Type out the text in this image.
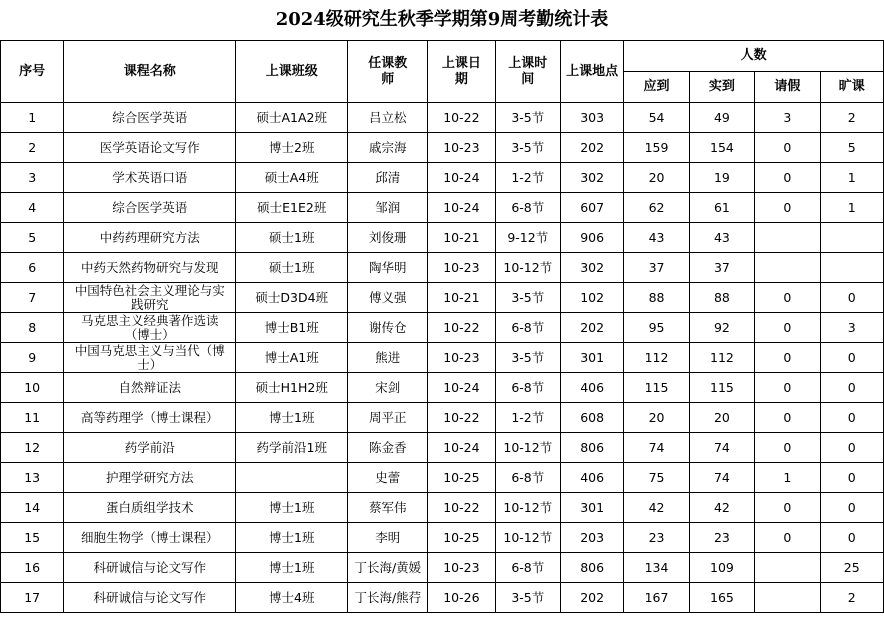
2024级研究生秋季学期第9周考勤统计表
序号	课程名称	上课班级	任课教师	上课日期	上课时间	上课地点	人数			
							应到	实到	请假	旷课
1	综合医学英语	硕士A1A2班	吕立松	10-22	3-5节	303	54	49	3	2
2	医学英语论文写作	博士2班	戚宗海	10-23	3-5节	202	159	154	0	5
3	学术英语口语	硕士A4班	邱清	10-24	1-2节	302	20	19	0	1
4	综合医学英语	硕士E1E2班	邹润	10-24	6-8节	607	62	61	0	1
5	中药药理研究方法	硕士1班	刘俊珊	10-21	9-12节	906	43	43		
6	中药天然药物研究与发现	硕士1班	陶华明	10-23	10-12节	302	37	37		
7	中国特色社会主义理论与实践研究	硕士D3D4班	傅义强	10-21	3-5节	102	88	88	0	0
8	马克思主义经典著作选读（博士）	博士B1班	谢传仓	10-22	6-8节	202	95	92	0	3
9	中国马克思主义与当代（博士）	博士A1班	熊进	10-23	3-5节	301	112	112	0	0
10	自然辩证法	硕士H1H2班	宋剑	10-24	6-8节	406	115	115	0	0
11	高等药理学（博士课程）	博士1班	周平正	10-22	1-2节	608	20	20	0	0
12	药学前沿	药学前沿1班	陈金香	10-24	10-12节	806	74	74	0	0
13	护理学研究方法		史蕾	10-25	6-8节	406	75	74	1	0
14	蛋白质组学技术	博士1班	蔡军伟	10-22	10-12节	301	42	42	0	0
15	细胞生物学（博士课程）	博士1班	李明	10-25	10-12节	203	23	23	0	0
16	科研诚信与论文写作	博士1班	丁长海/黄媛	10-23	6-8节	806	134	109		25
17	科研诚信与论文写作	博士4班	丁长海/熊荇	10-26	3-5节	202	167	165		2
